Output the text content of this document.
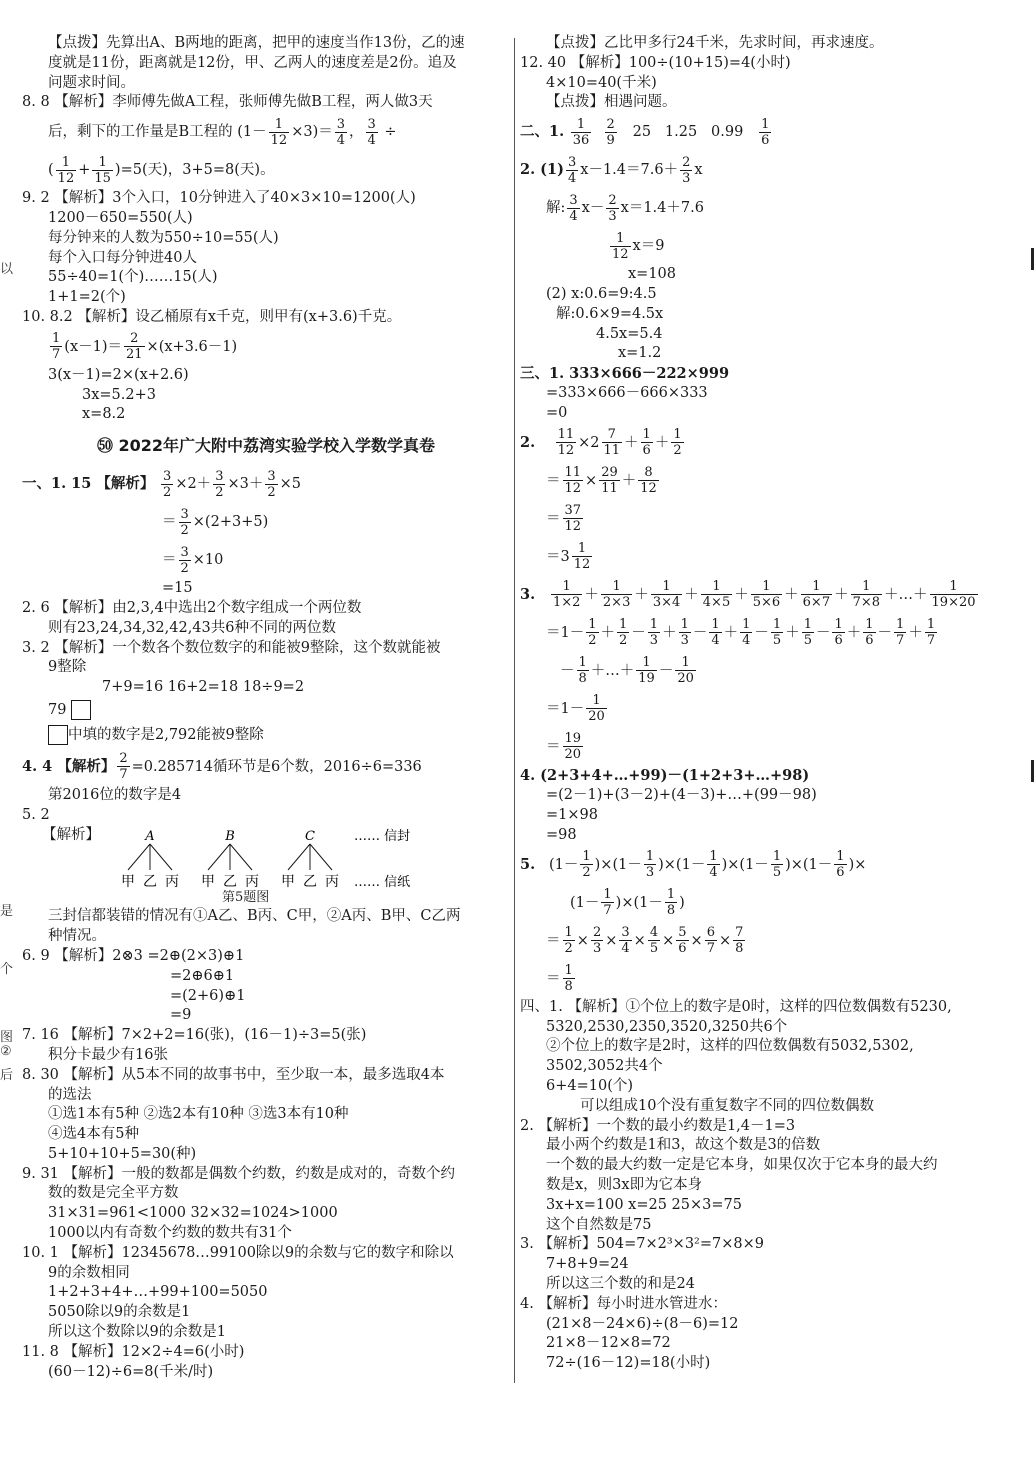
以
是
个
图
②
后
【点拨】先算出A、B两地的距离，把甲的速度当作13份，乙的速
度就是11份，距离就是12份，甲、乙两人的速度差是2份。追及
问题求时间。
8. 8 【解析】李师傅先做A工程，张师傅先做B工程，两人做3天
后，剩下的工作量是B工程的 $(1- \frac{1}{12} \times 3)= \frac{3}{4}$ ， $\frac{3}{4}$ ÷
( $\frac{1}{12} + \frac{1}{15} )=5$(天)，3+5=8(天)。
9. 2 【解析】3个入口，10分钟进入了40×3×10=1200(人)
1200－650=550(人)
每分钟来的人数为550÷10=55(人)
每个入口每分钟进40人
55÷40=1(个)……15(人)
1+1=2(个)
10. 8.2 【解析】设乙桶原有x千克，则甲有(x+3.6)千克。
$\frac{1}{7} (x-1)= \frac{2}{21} \times(x+3.6-1)$
3(x－1)=2×(x+2.6)
3x=5.2+3
x=8.2
㊿ 2022年广大附中荔湾实验学校入学数学真卷
一、1. 15 【解析】 $\frac{3}{2} \times 2+ \frac{3}{2} \times 3+ \frac{3}{2} \times 5$
＝ $\frac{3}{2} \times(2+3+5)$
＝ $\frac{3}{2} \times 10$
=15
2. 6 【解析】由2,3,4中选出2个数字组成一个两位数
则有23,24,34,32,42,43共6种不同的两位数
3. 2 【解析】一个数各个数位数字的和能被9整除，这个数就能被
9整除
7+9=16 16+2=18 18÷9=2
79
中填的数字是2,792能被9整除
4. 4 【解析】 $\frac{2}{7} =0.285714$循环节是6个数，2016÷6=336
第2016位的数字是4
5. 2
【解析】	A	B	C
甲 乙 丙 甲 乙 丙 甲 乙 丙
…… 信封
…… 信纸
第5题图
三封信都装错的情况有①A乙、B丙、C甲，②A丙、B甲、C乙两
种情况。
6. 9 【解析】2⊗3 =2⊕(2×3)⊕1
=2⊕6⊕1
=(2+6)⊕1
=9
7. 16 【解析】7×2+2=16(张)，(16－1)÷3=5(张)
积分卡最少有16张
8. 30 【解析】从5本不同的故事书中，至少取一本，最多选取4本
的选法
①选1本有5种 ②选2本有10种 ③选3本有10种
④选4本有5种
5+10+10+5=30(种)
9. 31 【解析】一般的数都是偶数个约数，约数是成对的，奇数个约
数的数是完全平方数
31×31=961<1000 32×32=1024>1000
1000以内有奇数个约数的数共有31个
10. 1 【解析】12345678…99100除以9的余数与它的数字和除以
9的余数相同
1+2+3+4+…+99+100=5050
5050除以9的余数是1
所以这个数除以9的余数是1
11. 8 【解析】12×2÷4=6(小时)
(60－12)÷6=8(千米/时)
【点拨】乙比甲多行24千米，先求时间，再求速度。
12. 40 【解析】100÷(10+15)=4(小时)
4×10=40(千米)
【点拨】相遇问题。
二、1. $\frac{1}{36}$
$\frac{2}{9} 25$ 1.25 $0.99 \frac{1}{6}$
2. $(1) \frac{3}{4} x-1.4=7.6+ \frac{2}{3}$ x
解: $\frac{3}{4} x- \frac{2}{3} x=1.4+7.6$
$\frac{1}{12} x=9$
x=108
(2) x:0.6=9:4.5
解:0.6×9=4.5x
4.5x=5.4
x=1.2
三、1. 333×666－222×999
=333×666－666×333
=0
2. $\frac{11}{12} \times 2 \frac{7}{11} + \frac{1}{6} + \frac{1}{2}$
＝ $\frac{11}{12} \times \frac{29}{11} + \frac{8}{12}$
＝ $\frac{37}{12}$
$=3 \frac{1}{12}$
3. $\frac{1}{1\times 2} + \frac{1}{2\times 3} + \frac{1}{3\times 4} + \frac{1}{4\times 5} + \frac{1}{5\times 6} + \frac{1}{6\times 7} + \frac{1}{7\times 8}$ ＋…＋ $\frac{1}{19\times 20}$
$=1- \frac{1}{2} + \frac{1}{2} - \frac{1}{3} + \frac{1}{3} - \frac{1}{4} + \frac{1}{4} - \frac{1}{5} + \frac{1}{5} - \frac{1}{6} + \frac{1}{6} - \frac{1}{7} + \frac{1}{7}$
－ $\frac{1}{8}$ ＋…＋ $\frac{1}{19} - \frac{1}{20}$
$=1- \frac{1}{20}$
＝ $\frac{19}{20}$
4. (2+3+4+…+99)－(1+2+3+…+98)
=(2－1)+(3－2)+(4－3)+…+(99－98)
=1×98
=98
5.   $(1- \frac{1}{2} )\times(1- \frac{1}{3} )\times(1- \frac{1}{4} )\times(1- \frac{1}{5} )\times(1- \frac{1}{6}$ )×
$(1- \frac{1}{7} )\times(1- \frac{1}{8}$ )
＝ $\frac{1}{2} \times \frac{2}{3} \times \frac{3}{4} \times \frac{4}{5} \times \frac{5}{6} \times \frac{6}{7} \times \frac{7}{8}$
＝ $\frac{1}{8}$
四、1. 【解析】①个位上的数字是0时，这样的四位数偶数有5230,
5320,2530,2350,3520,3250共6个
②个位上的数字是2时，这样的四位数偶数有5032,5302,
3502,3052共4个
6+4=10(个)
可以组成10个没有重复数字不同的四位数偶数
2. 【解析】一个数的最小约数是1,4－1=3
最小两个约数是1和3，故这个数是3的倍数
一个数的最大约数一定是它本身，如果仅次于它本身的最大约
数是x，则3x即为它本身
3x+x=100 x=25 25×3=75
这个自然数是75
3. 【解析】504=7×2³×3²=7×8×9
7+8+9=24
所以这三个数的和是24
4. 【解析】每小时进水管进水：
(21×8－24×6)÷(8－6)=12
21×8－12×8=72
72÷(16－12)=18(小时)
